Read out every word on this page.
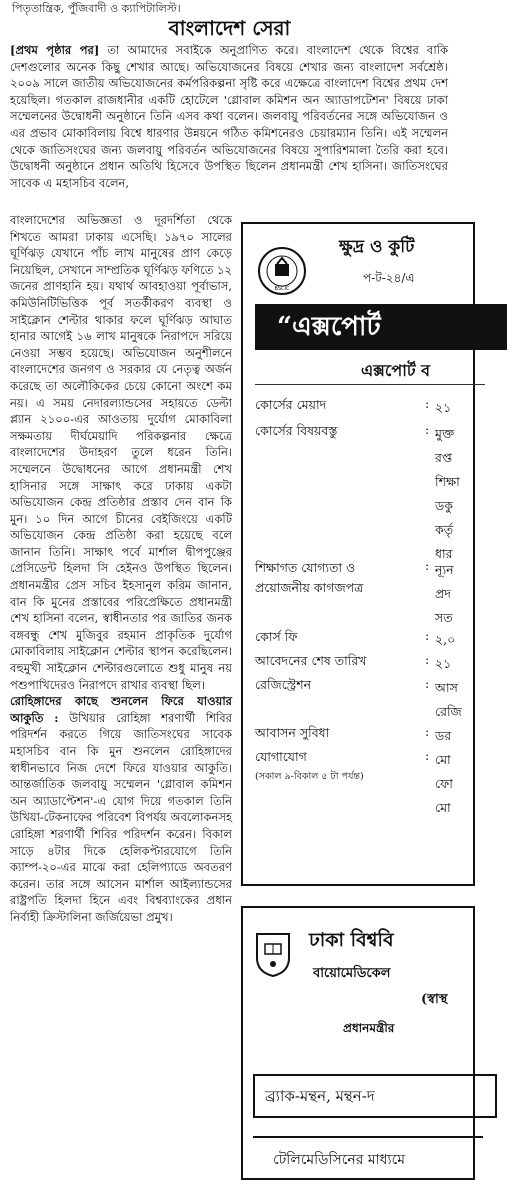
পিতৃতান্ত্রিক, পুঁজিবাদী ও ক্যাপিটালিস্ট।
বাংলাদেশ সেরা
[প্রথম পৃষ্ঠার পর] তা আমাদের সবাইকে অনুপ্রাণিত করে। বাংলাদেশ থেকে বিশ্বের বাকি দেশগুলোর অনেক কিছু শেখার আছে। অভিযোজনের বিষয়ে শেখার জন্য বাংলাদেশ সর্বশ্রেষ্ঠ। ২০০৯ সালে জাতীয় অভিযোজনের কর্মপরিকল্পনা সৃষ্টি করে এক্ষেত্রে বাংলাদেশ বিশ্বের প্রথম দেশ হয়েছিল। গতকাল রাজধানীর একটি হোটেলে 'গ্লোবাল কমিশন অন অ্যাডাপটেশন' বিষয়ে ঢাকা সম্মেলনের উদ্বোধনী অনুষ্ঠানে তিনি এসব কথা বলেন। জলবায়ু পরিবর্তনের সঙ্গে অভিযোজন ও এর প্রভাব মোকাবিলায় বিশ্বে ধারণার উন্নয়নে গঠিত কমিশনেরও চেয়ারম্যান তিনি। এই সম্মেলন থেকে জাতিসংঘের জন্য জলবায়ু পরিবর্তন অভিযোজনের বিষয়ে সুপারিশমালা তৈরি করা হবে। উদ্বোধনী অনুষ্ঠানে প্রধান অতিথি হিসেবে উপস্থিত ছিলেন প্রধানমন্ত্রী শেখ হাসিনা। জাতিসংঘের সাবেক এ মহাসচিব বলেন,

বাংলাদেশের অভিজ্ঞতা ও দূরদর্শিতা থেকে শিখতে আমরা ঢাকায় এসেছি। ১৯৭০ সালের ঘূর্ণিঝড় যেখানে পাঁচ লাখ মানুষের প্রাণ কেড়ে নিয়েছিল, সেখানে সাম্প্রতিক ঘূর্ণিঝড় ফণিতে ১২ জনের প্রাণহানি হয়। যথার্থ আবহাওয়া পূর্বাভাস, কমিউনিটিভিত্তিক পূর্ব সতর্কীকরণ ব্যবস্থা ও সাইক্লোন শেল্টার থাকার ফলে ঘূর্ণিঝড় আঘাত হানার আগেই ১৬ লাখ মানুষকে নিরাপদে সরিয়ে নেওয়া সম্ভব হয়েছে। অভিযোজন অনুশীলনে বাংলাদেশের জনগণ ও সরকার যে নেতৃত্ব অর্জন করেছে তা অলৌকিকের চেয়ে কোনো অংশে কম নয়। এ সময় নেদারল্যান্ডসের সহায়তে ডেল্টা প্ল্যান ২১০০-এর আওতায় দুর্যোগ মোকাবিলা সক্ষমতায় দীর্ঘমেয়াদি পরিকল্পনার ক্ষেত্রে বাংলাদেশের উদাহরণ তুলে ধরেন তিনি। সম্মেলনে উদ্বোধনের আগে প্রধানমন্ত্রী শেখ হাসিনার সঙ্গে সাক্ষাৎ করে ঢাকায় একটা অভিযোজন কেন্দ্র প্রতিষ্ঠার প্রস্তাব দেন বান কি মুন। ১০ দিন আগে চীনের বেইজিংয়ে একটি অভিযোজন কেন্দ্র প্রতিষ্ঠা করা হয়েছে বলে জানান তিনি। সাক্ষাৎ পর্বে মার্শাল দ্বীপপুঞ্জের প্রেসিডেন্ট হিলদা সি হেইনও উপস্থিত ছিলেন। প্রধানমন্ত্রীর প্রেস সচিব ইহসানুল করিম জানান, বান কি মুনের প্রস্তাবের পরিপ্রেক্ষিতে প্রধানমন্ত্রী শেখ হাসিনা বলেন, স্বাধীনতার পর জাতির জনক বঙ্গবন্ধু শেখ মুজিবুর রহমান প্রাকৃতিক দুর্যোগ মোকাবিলায় সাইক্লোন শেল্টার স্থাপন করেছিলেন। বহুমুখী সাইক্লোন শেল্টারগুলোতে শুধু মানুষ নয় পশুপাখিদেরও নিরাপদে রাখার ব্যবস্থা ছিল।

রোহিঙ্গাদের কাছে শুনলেন ফিরে যাওয়ার আকুতি : উখিয়ার রোহিঙ্গা শরণার্থী শিবির পরিদর্শন করতে গিয়ে জাতিসংঘের সাবেক মহাসচিব বান কি মুন শুনলেন রোহিঙ্গাদের স্বাধীনভাবে নিজ দেশে ফিরে যাওয়ার আকুতি। আন্তর্জাতিক জলবায়ু সম্মেলন 'গ্লোবাল কমিশন অন অ্যাডাপ্টেশন'-এ যোগ দিয়ে গতকাল তিনি উখিয়া-টেকনাফের পরিবেশ বিপর্যয় অবলোকনসহ রোহিঙ্গা শরণার্থী শিবির পরিদর্শন করেন। বিকাল সাড়ে ৪টার দিকে হেলিকপ্টারযোগে তিনি ক্যাম্প-২০-এর মাঝে করা হেলিপ্যাডে অবতরণ করেন। তার সঙ্গে আসেন মার্শাল আইল্যান্ডসের রাষ্ট্রপতি হিলদা হিনে এবং বিশ্বব্যাংকের প্রধান নির্বাহী ক্রিস্টালিনা জর্জিয়েভা প্রমুখ।

BSCIC
ক্ষুদ্র ও কুটি
প-ট-২৪/এ
“এক্সপোর্ট
এক্সপোর্ট ব
কোর্সের মেয়াদ	: ২১
কোর্সের বিষয়বস্তু	: মুক্ত
রপ্ত
শিক্ষা
ডকু
কর্তৃ
ধার
শিক্ষাগত যোগ্যতা ও
প্রয়োজনীয় কাগজপত্র
: ন্যূন
প্রদ
সত
কোর্স ফি	: ২,০
আবেদনের শেষ তারিখ	: ২১
রেজিস্ট্রেশন	: আস
রেজি
আবাসন সুবিধা	: ডর
যোগাযোগ	: মো
ফো
মো
(সকাল ৯-বিকাল ৫ টা পর্যন্ত)
ঢাকা বিশ্ববি
বায়োমেডিকেল
(স্বাস্থ
প্রধানমন্ত্রীর
ব্র্যাক-মন্থন, মন্থন-দ
টেলিমেডিসিনের মাধ্যমে
